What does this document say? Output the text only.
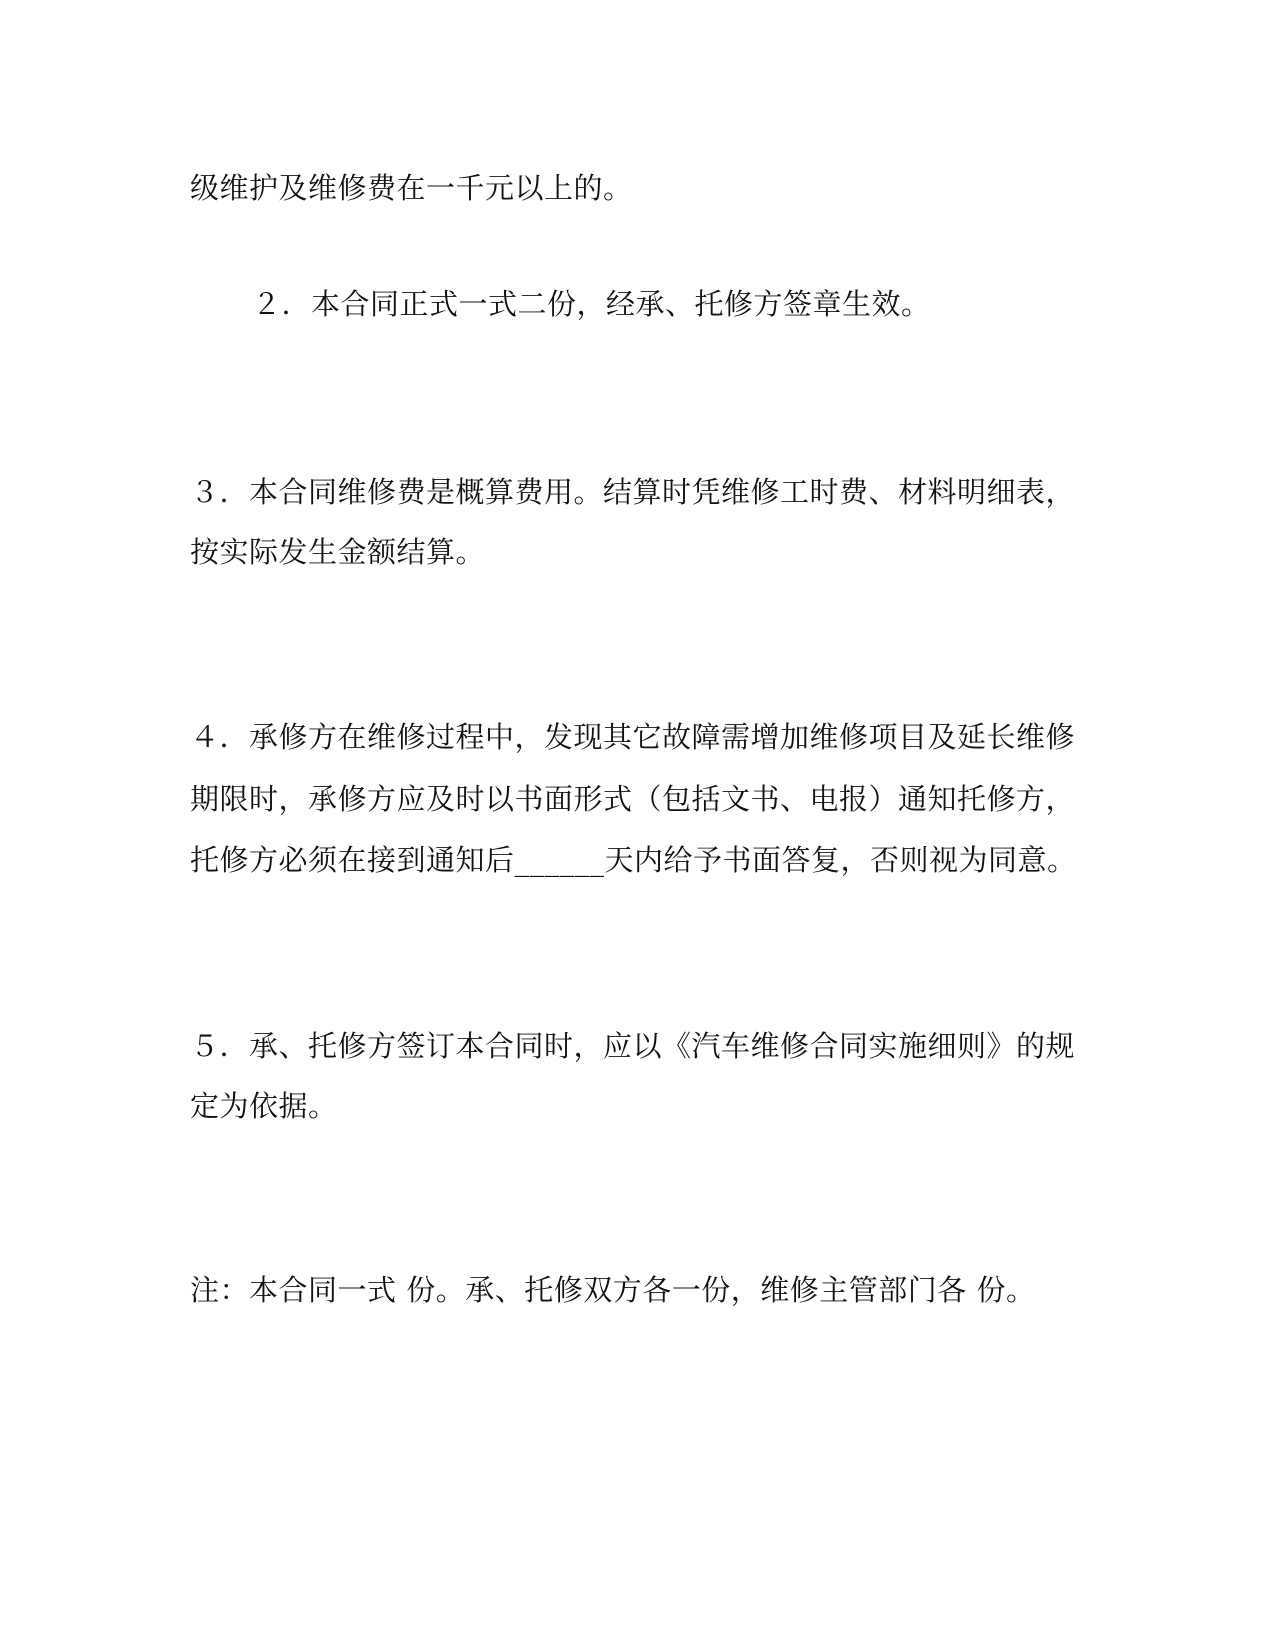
级维护及维修费在一千元以上的。
２．本合同正式一式二份，经承、托修方签章生效。
３．本合同维修费是概算费用。结算时凭维修工时费、材料明细表，
按实际发生金额结算。
４．承修方在维修过程中，发现其它故障需增加维修项目及延长维修
期限时，承修方应及时以书面形式（包括文书、电报）通知托修方，
托修方必须在接到通知后______天内给予书面答复，否则视为同意。
５．承、托修方签订本合同时，应以《汽车维修合同实施细则》的规
定为依据。
注：本合同一式 份。承、托修双方各一份，维修主管部门各 份。
